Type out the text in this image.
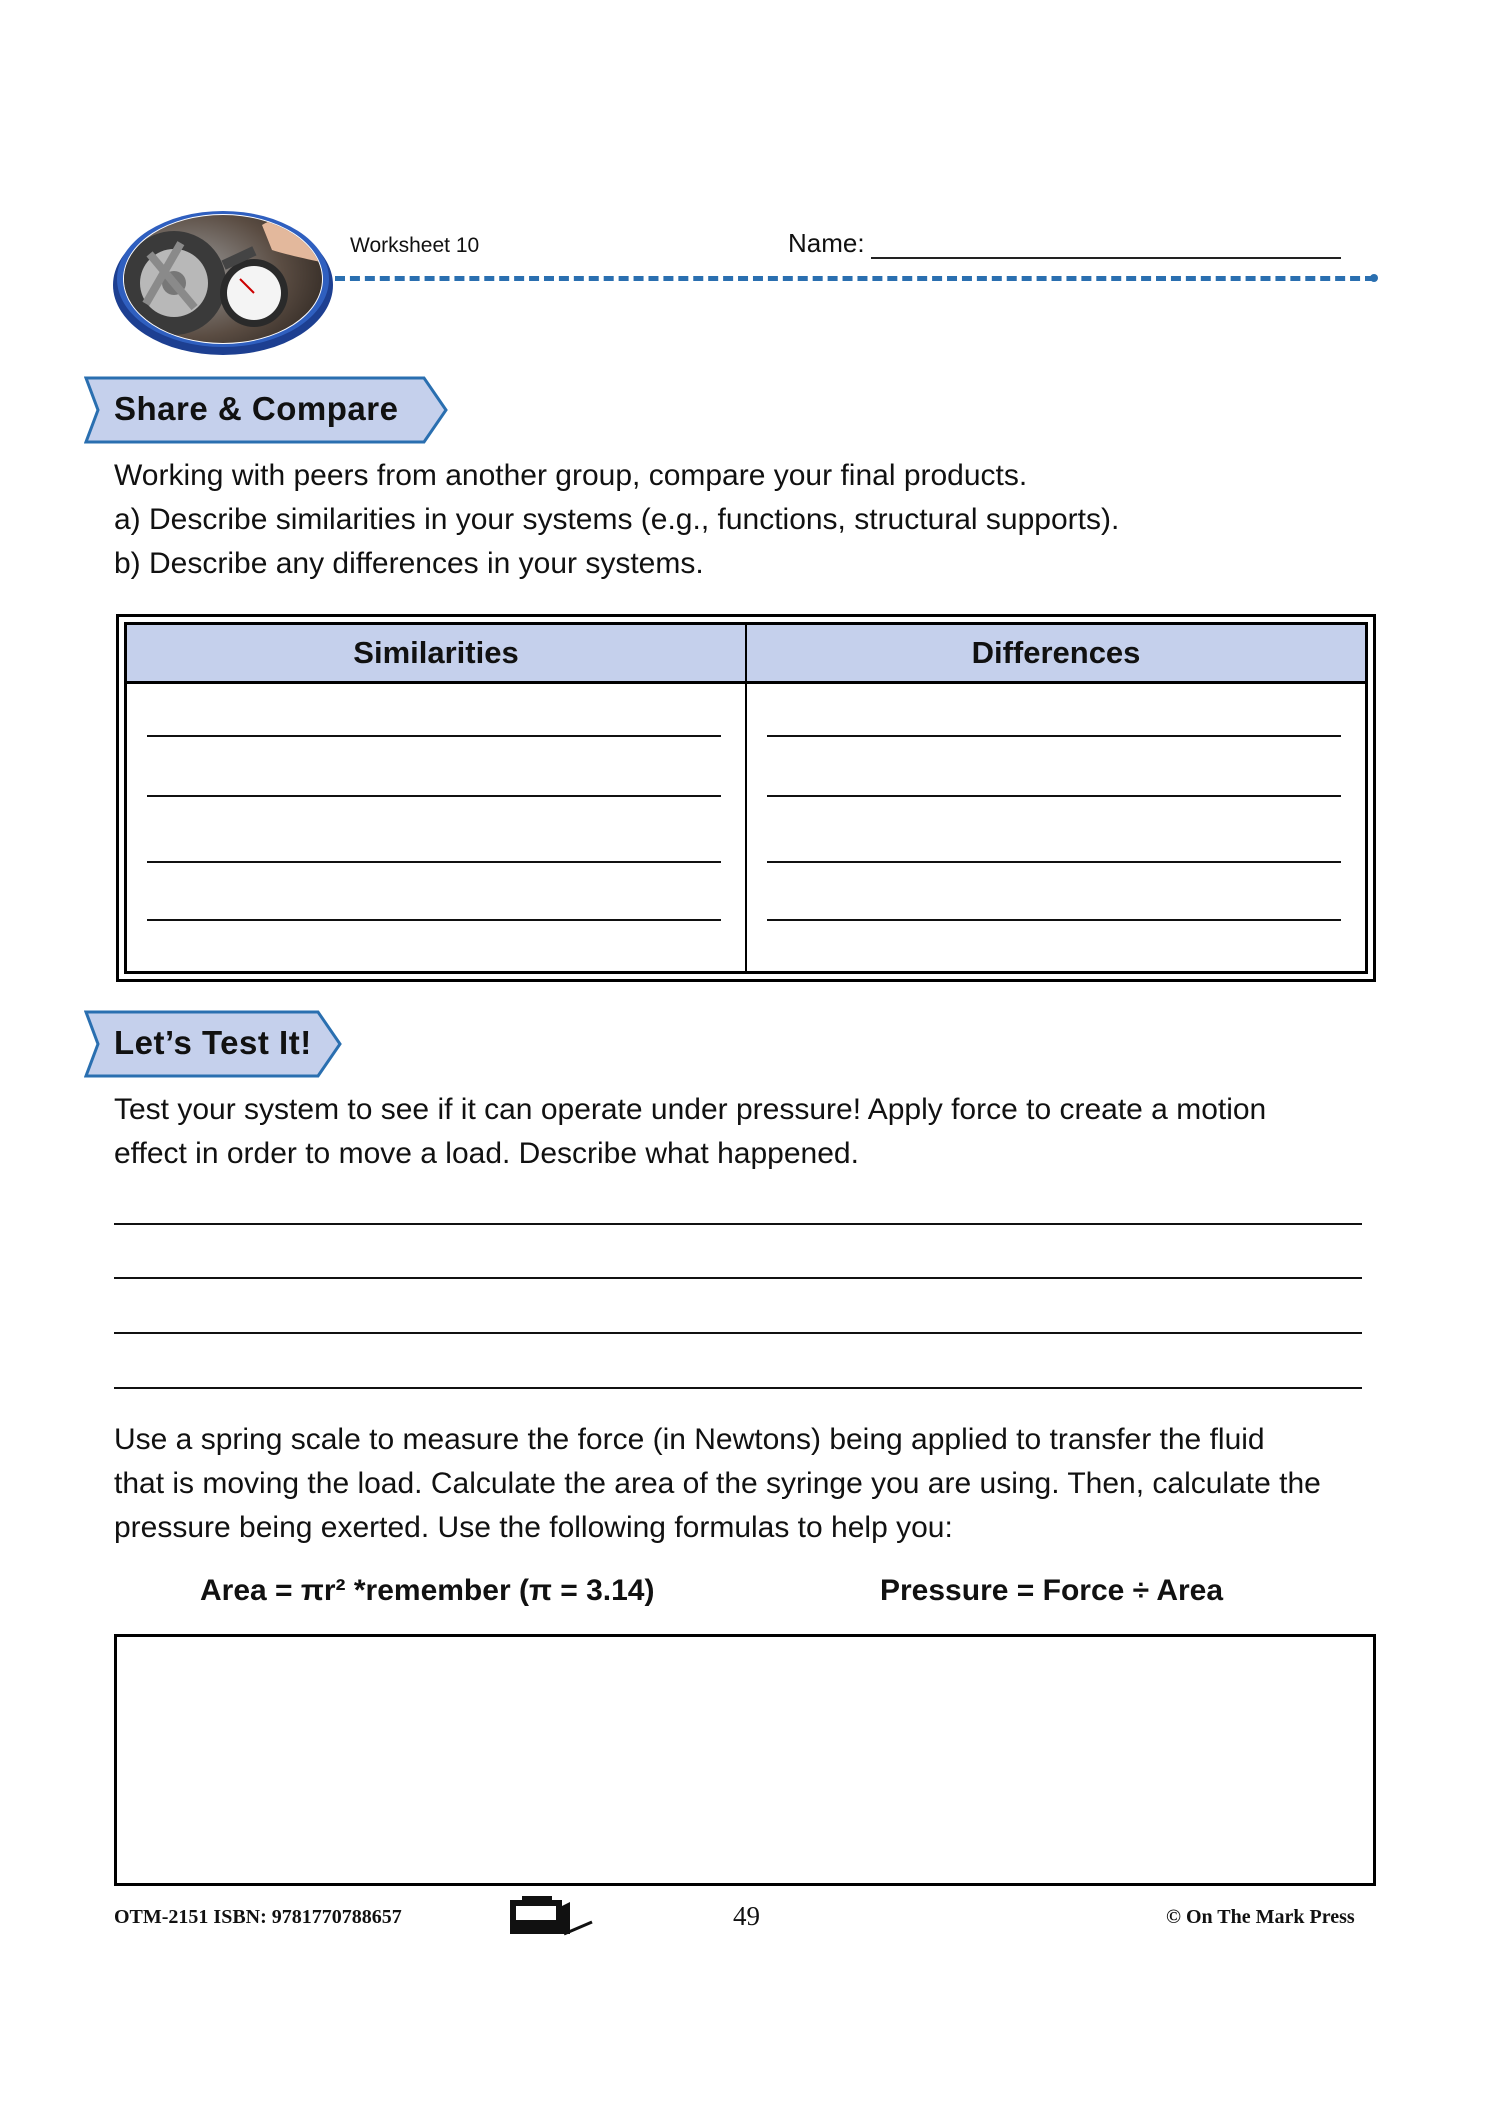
Worksheet 10	Name:
Share & Compare
Working with peers from another group, compare your final products.
a) Describe similarities in your systems (e.g., functions, structural supports).
b) Describe any differences in your systems.
Similarities	Differences
Let’s Test It!
Test your system to see if it can operate under pressure! Apply force to create a motion
effect in order to move a load. Describe what happened.
Use a spring scale to measure the force (in Newtons) being applied to transfer the fluid
that is moving the load. Calculate the area of the syringe you are using. Then, calculate the
pressure being exerted. Use the following formulas to help you:
Area = πr² *remember (π = 3.14)	Pressure = Force ÷ Area
OTM-2151 ISBN: 9781770788657	49	© On The Mark Press
